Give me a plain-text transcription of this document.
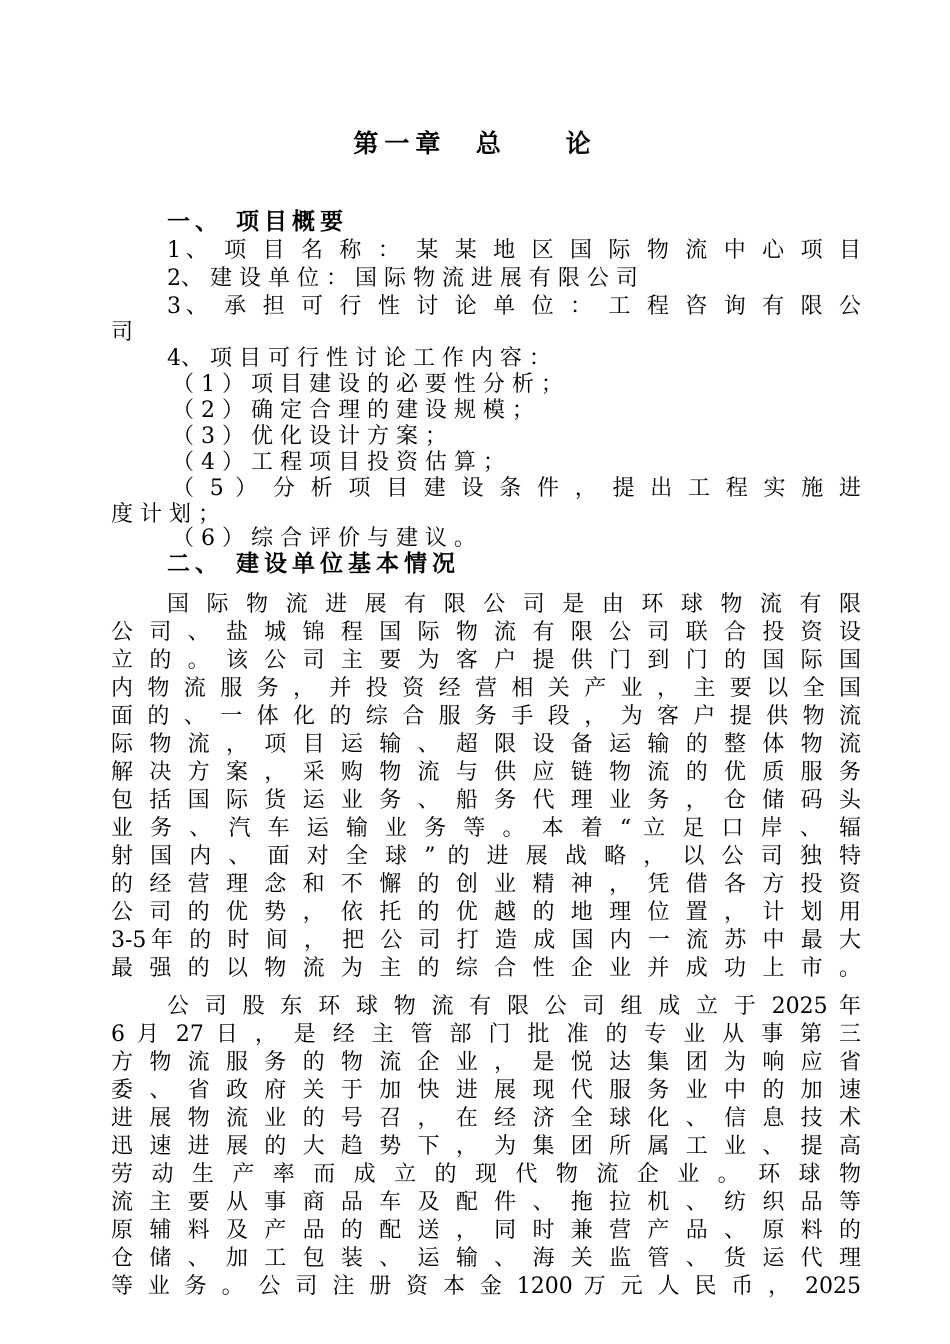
第一章  总    论
一、 项目概要
1、 项 目 名 称 ： 某 某 地 区 国 际 物 流 中 心 项 目
2、 建 设 单 位 ： 国 际 物 流 进 展 有 限 公 司
3、 承 担 可 行 性 讨 论 单 位 ： 工 程 咨 询 有 限 公
司
4、 项 目 可 行 性 讨 论 工 作 内 容 ：
（ 1 ） 项 目 建 设 的 必 要 性 分 析 ；
（ 2 ） 确 定 合 理 的 建 设 规 模 ；
（ 3 ） 优 化 设 计 方 案 ；
（ 4 ） 工 程 项 目 投 资 估 算 ；
（ 5 ） 分 析 项 目 建 设 条 件 ， 提 出 工 程 实 施 进
度 计 划 ；
（ 6 ） 综 合 评 价 与 建 议 。
二、 建设单位基本情况
国 际 物 流 进 展 有 限 公 司 是 由 环 球 物 流 有 限
公 司 、 盐 城 锦 程 国 际 物 流 有 限 公 司 联 合 投 资 设
立 的 。 该 公 司 主 要 为 客 户 提 供 门 到 门 的 国 际 国
内 物 流 服 务 ， 并 投 资 经 营 相 关 产 业 ， 主 要 以 全 国
面 的 、 一 体 化 的 综 合 服 务 手 段 ， 为 客 户 提 供 物 流
际 物 流 ， 项 目 运 输 、 超 限 设 备 运 输 的 整 体 物 流
解 决 方 案 ， 采 购 物 流 与 供 应 链 物 流 的 优 质 服 务
包 括 国 际 货 运 业 务 、 船 务 代 理 业 务 ， 仓 储 码 头
业 务 、 汽 车 运 输 业 务 等 。 本 着 “ 立 足 口 岸 、 辐
射 国 内 、 面 对 全 球 ” 的 进 展 战 略 ， 以 公 司 独 特
的 经 营 理 念 和 不 懈 的 创 业 精 神 ， 凭 借 各 方 投 资
公 司 的 优 势 ， 依 托 的 优 越 的 地 理 位 置 ， 计 划 用
3-5年 的 时 间 ， 把 公 司 打 造 成 国 内 一 流 苏 中 最 大
最 强 的 以 物 流 为 主 的 综 合 性 企 业 并 成 功 上 市 。
公 司 股 东 环 球 物 流 有 限 公 司 组 成 立 于 2025 年
6 月 27 日 ， 是 经 主 管 部 门 批 准 的 专 业 从 事 第 三
方 物 流 服 务 的 物 流 企 业 ， 是 悦 达 集 团 为 响 应 省
委 、 省 政 府 关 于 加 快 进 展 现 代 服 务 业 中 的 加 速
进 展 物 流 业 的 号 召 ， 在 经 济 全 球 化 、 信 息 技 术
迅 速 进 展 的 大 趋 势 下 ， 为 集 团 所 属 工 业 、 提 高
劳 动 生 产 率 而 成 立 的 现 代 物 流 企 业 。 环 球 物
流 主 要 从 事 商 品 车 及 配 件 、 拖 拉 机 、 纺 织 品 等
原 辅 料 及 产 品 的 配 送 ， 同 时 兼 营 产 品 、 原 料 的
仓 储 、 加 工 包 装 、 运 输 、 海 关 监 管 、 货 运 代 理
等 业 务 。 公 司 注 册 资 本 金 1200 万 元 人 民 币 ， 2025
